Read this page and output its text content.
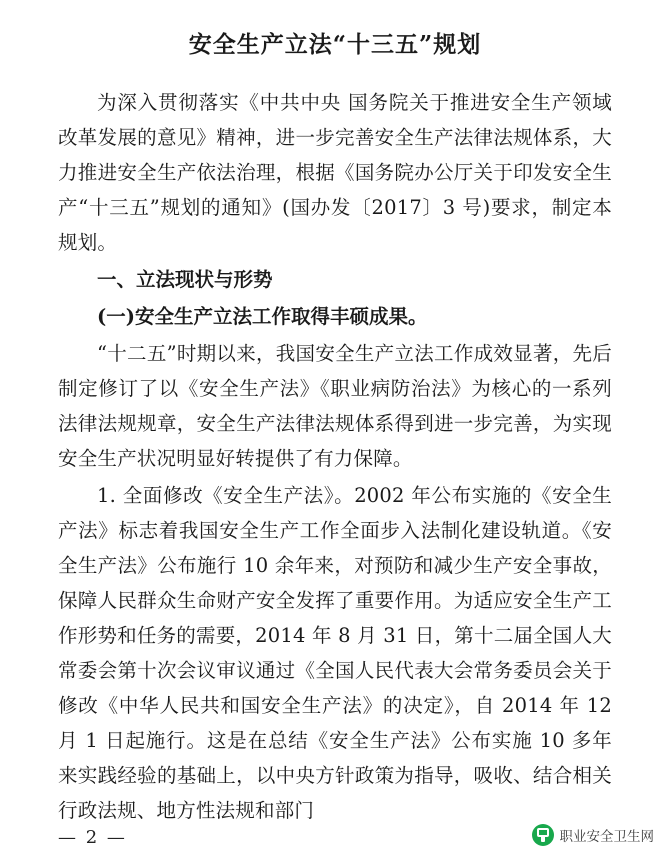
安全生产立法“十三五”规划

为深入贯彻落实《中共中央 国务院关于推进安全生产领域改革发展的意见》精神，进一步完善安全生产法律法规体系，大力推进安全生产依法治理，根据《国务院办公厅关于印发安全生产“十三五”规划的通知》(国办发〔2017〕3 号)要求，制定本规划。

一、立法现状与形势

(一)安全生产立法工作取得丰硕成果。

“十二五”时期以来，我国安全生产立法工作成效显著，先后制定修订了以《安全生产法》《职业病防治法》为核心的一系列法律法规规章，安全生产法律法规体系得到进一步完善，为实现安全生产状况明显好转提供了有力保障。

1. 全面修改《安全生产法》。2002 年公布实施的《安全生产法》标志着我国安全生产工作全面步入法制化建设轨道。《安全生产法》公布施行 10 余年来，对预防和减少生产安全事故，保障人民群众生命财产安全发挥了重要作用。为适应安全生产工作形势和任务的需要，2014 年 8 月 31 日，第十二届全国人大常委会第十次会议审议通过《全国人民代表大会常务委员会关于修改《中华人民共和国安全生产法》的决定》，自 2014 年 12 月 1 日起施行。这是在总结《安全生产法》公布实施 10 多年来实践经验的基础上，以中央方针政策为指导，吸收、结合相关行政法规、地方性法规和部门

— 2 —	职业安全卫生网
